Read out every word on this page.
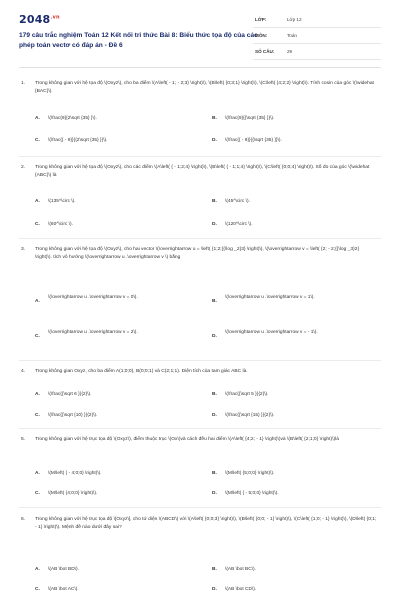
$2048^{.vn}$
179 câu trắc nghiệm Toán 12 Kết nối tri thức Bài 8: Biểu thức tọa độ của các phép toán vectơ có đáp án - Đề 6
LỚP:	Lớp 12
MÔN:	Toán
SỐ CÂU:	29
1.	Trong không gian với hệ tọa độ \(Oxyz\), cho ba điểm \(A\left( - 1; - 2;3} \right)\), \(B\left( {0;3;1} \right)\), \(C\left( {4;2;2} \right)\). Tính cosin của góc \(\widehat {BAC}\).
A.	\(\frac{9}{2\sqrt {35} }\).	B.	\(\frac{9}{{\sqrt {35} }}\).
C.	\(\frac{{ - 9}}{{2\sqrt {35} }}\).	D.	\(\frac{{ - 9}}{{\sqrt {35} }}\).
2.	Trong không gian với hệ tọa độ \(Oxyz\), cho các điểm \(A\left( { - 1;2;4} \right)\), \(B\left( { - 1;1;4} \right)\), \(C\left( {0;0;4} \right)\). Số đo của góc \(\widehat {ABC}\) là
A.	\(135^\circ \).	B.	\(45^\circ \).
C.	\(60^\circ \).	D.	\(120^\circ \).
3.	Trong không gian với hệ tọa độ \(Oxyz\), cho hai vector \(\overrightarrow u = \left( {1;2;{{\log _2}3} \right)\), \(\overrightarrow v = \left( {2; - 2;{{\log _3}2} \right)\). tích vô hướng \(\overrightarrow u .\overrightarrow v \) bằng
A.
\(\overrightarrow u .\overrightarrow v = 0\).
B.
\(\overrightarrow u .\overrightarrow v = 1\).
C.
\(\overrightarrow u .\overrightarrow v = 2\).
D.
\(\overrightarrow u .\overrightarrow v = - 1\).
4.	Trong không gian Oxyz, cho ba điểm A(1;0;0), B(0;0;1) và C(2;1;1). Diện tích của tam giác ABC là.
A.	\(\frac{{\sqrt 6 }}{2}\).	B.	\(\frac{{\sqrt 5 }}{2}\).
C.	\(\frac{{\sqrt {10} }}{2}\).	D.	\(\frac{{\sqrt {15} }}{2}\).
5.	Trong không gian với hệ trục tọa độ \(Oxyz\), điểm thuộc trục \(Ox\)và cách đều hai điểm \(A\left( {4;2; - 1} \right)\)và \(B\left( {2;1;0} \right)\)là
A.	\(M\left( { - 4;0;0} \right)\).	B.	\(M\left( {5;0;0} \right)\).
C.	\(M\left( {4;0;0} \right)\).	D.	\(M\left( { - 5;0;0} \right)\).
6.	Trong không gian với hệ trục tọa độ \[Oxyz\], cho tứ diện \(ABCD\) với \(A\left( {0;0;3} \right)\), \(B\left( {0;0; - 1} \right)\), \(C\left( {1;0; - 1} \right)\), \(D\left( {0;1; - 1} \right)\). Mệnh đề nào dưới đây sai?
A.	\(AB \bot BD\).	B.	\(AB \bot BC\).
C.	\(AB \bot AC\).	D.	\(AB \bot CD\).
